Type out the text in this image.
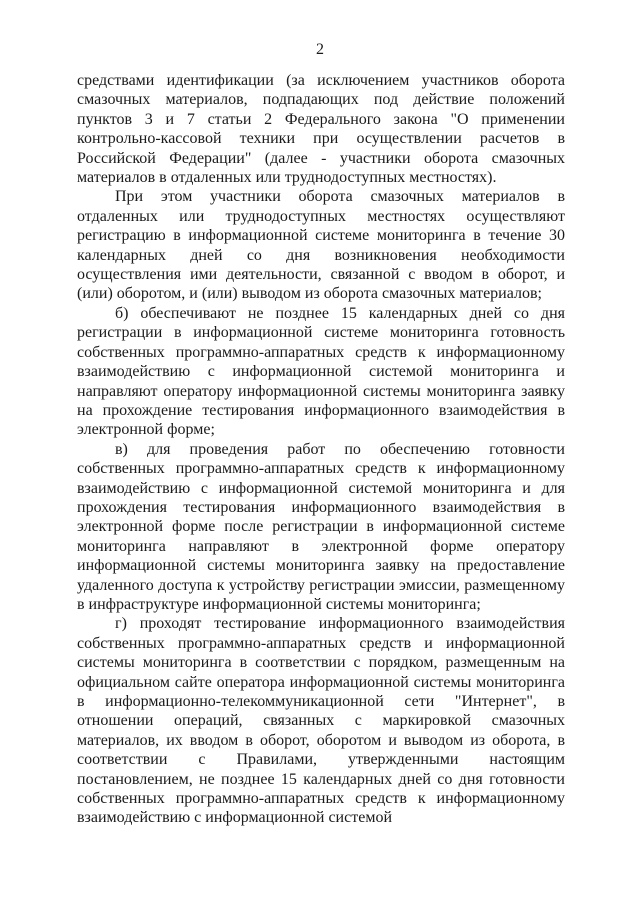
2

средствами идентификации (за исключением участников оборота смазочных материалов, подпадающих под действие положений пунктов 3 и 7 статьи 2 Федерального закона "О применении контрольно-кассовой техники при осуществлении расчетов в Российской Федерации" (далее - участники оборота смазочных материалов в отдаленных или труднодоступных местностях).

При этом участники оборота смазочных материалов в отдаленных или труднодоступных местностях осуществляют регистрацию в информационной системе мониторинга в течение 30 календарных дней со дня возникновения необходимости осуществления ими деятельности, связанной с вводом в оборот, и (или) оборотом, и (или) выводом из оборота смазочных материалов;

б) обеспечивают не позднее 15 календарных дней со дня регистрации в информационной системе мониторинга готовность собственных программно-аппаратных средств к информационному взаимодействию с информационной системой мониторинга и направляют оператору информационной системы мониторинга заявку на прохождение тестирования информационного взаимодействия в электронной форме;

в) для проведения работ по обеспечению готовности собственных программно-аппаратных средств к информационному взаимодействию с информационной системой мониторинга и для прохождения тестирования информационного взаимодействия в электронной форме после регистрации в информационной системе мониторинга направляют в электронной форме оператору информационной системы мониторинга заявку на предоставление удаленного доступа к устройству регистрации эмиссии, размещенному в инфраструктуре информационной системы мониторинга;

г) проходят тестирование информационного взаимодействия собственных программно-аппаратных средств и информационной системы мониторинга в соответствии с порядком, размещенным на официальном сайте оператора информационной системы мониторинга в информационно-телекоммуникационной сети "Интернет", в отношении операций, связанных с маркировкой смазочных материалов, их вводом в оборот, оборотом и выводом из оборота, в соответствии с Правилами, утвержденными настоящим постановлением, не позднее 15 календарных дней со дня готовности собственных программно-аппаратных средств к информационному взаимодействию с информационной системой
